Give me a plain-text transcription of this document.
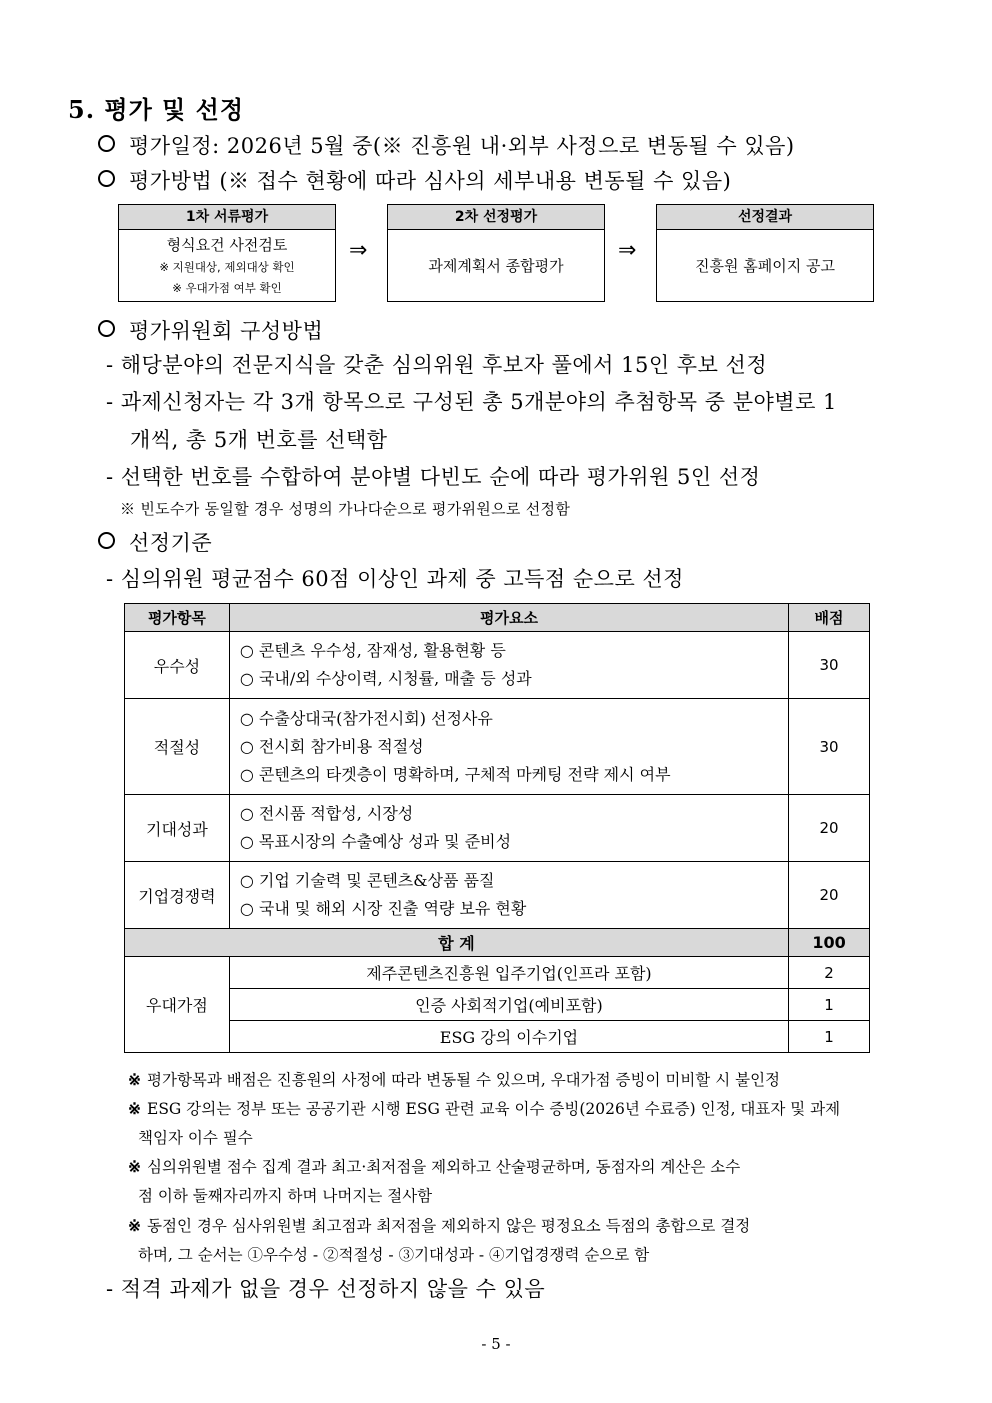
5. 평가 및 선정
평가일정: 2026년 5월 중(※ 진흥원 내·외부 사정으로 변동될 수 있음)
평가방법 (※ 접수 현황에 따라 심사의 세부내용 변동될 수 있음)
1차 서류평가
형식요건 사전검토
※ 지원대상, 제외대상 확인
※ 우대가점 여부 확인
⇒
2차 선정평가
과제계획서 종합평가
⇒
선정결과
진흥원 홈페이지 공고
평가위원회 구성방법
- 해당분야의 전문지식을 갖춘 심의위원 후보자 풀에서 15인 후보 선정
- 과제신청자는 각 3개 항목으로 구성된 총 5개분야의 추첨항목 중 분야별로 1
개씩, 총 5개 번호를 선택함
- 선택한 번호를 수합하여 분야별 다빈도 순에 따라 평가위원 5인 선정
※ 빈도수가 동일할 경우 성명의 가나다순으로 평가위원으로 선정함
선정기준
- 심의위원 평균점수 60점 이상인 과제 중 고득점 순으로 선정
평가항목	평가요소	배점
우수성	○ 콘텐츠 우수성, 잠재성, 활용현황 등
○ 국내/외 수상이력, 시청률, 매출 등 성과	30
적절성	○ 수출상대국(참가전시회) 선정사유
○ 전시회 참가비용 적절성
○ 콘텐츠의 타겟층이 명확하며, 구체적 마케팅 전략 제시 여부	30
기대성과	○ 전시품 적합성, 시장성
○ 목표시장의 수출예상 성과 및 준비성	20
기업경쟁력	○ 기업 기술력 및 콘텐츠&상품 품질
○ 국내 및 해외 시장 진출 역량 보유 현황	20
합 계		100
우대가점	제주콘텐츠진흥원 입주기업(인프라 포함)	2
	인증 사회적기업(예비포함)	1
	ESG 강의 이수기업	1
※ 평가항목과 배점은 진흥원의 사정에 따라 변동될 수 있으며, 우대가점 증빙이 미비할 시 불인정
※ ESG 강의는 정부 또는 공공기관 시행 ESG 관련 교육 이수 증빙(2026년 수료증) 인정, 대표자 및 과제
책임자 이수 필수
※ 심의위원별 점수 집계 결과 최고·최저점을 제외하고 산술평균하며, 동점자의 계산은 소수
점 이하 둘째자리까지 하며 나머지는 절사함
※ 동점인 경우 심사위원별 최고점과 최저점을 제외하지 않은 평정요소 득점의 총합으로 결정
하며, 그 순서는 ①우수성 - ②적절성 - ③기대성과 - ④기업경쟁력 순으로 함
- 적격 과제가 없을 경우 선정하지 않을 수 있음
- 5 -
